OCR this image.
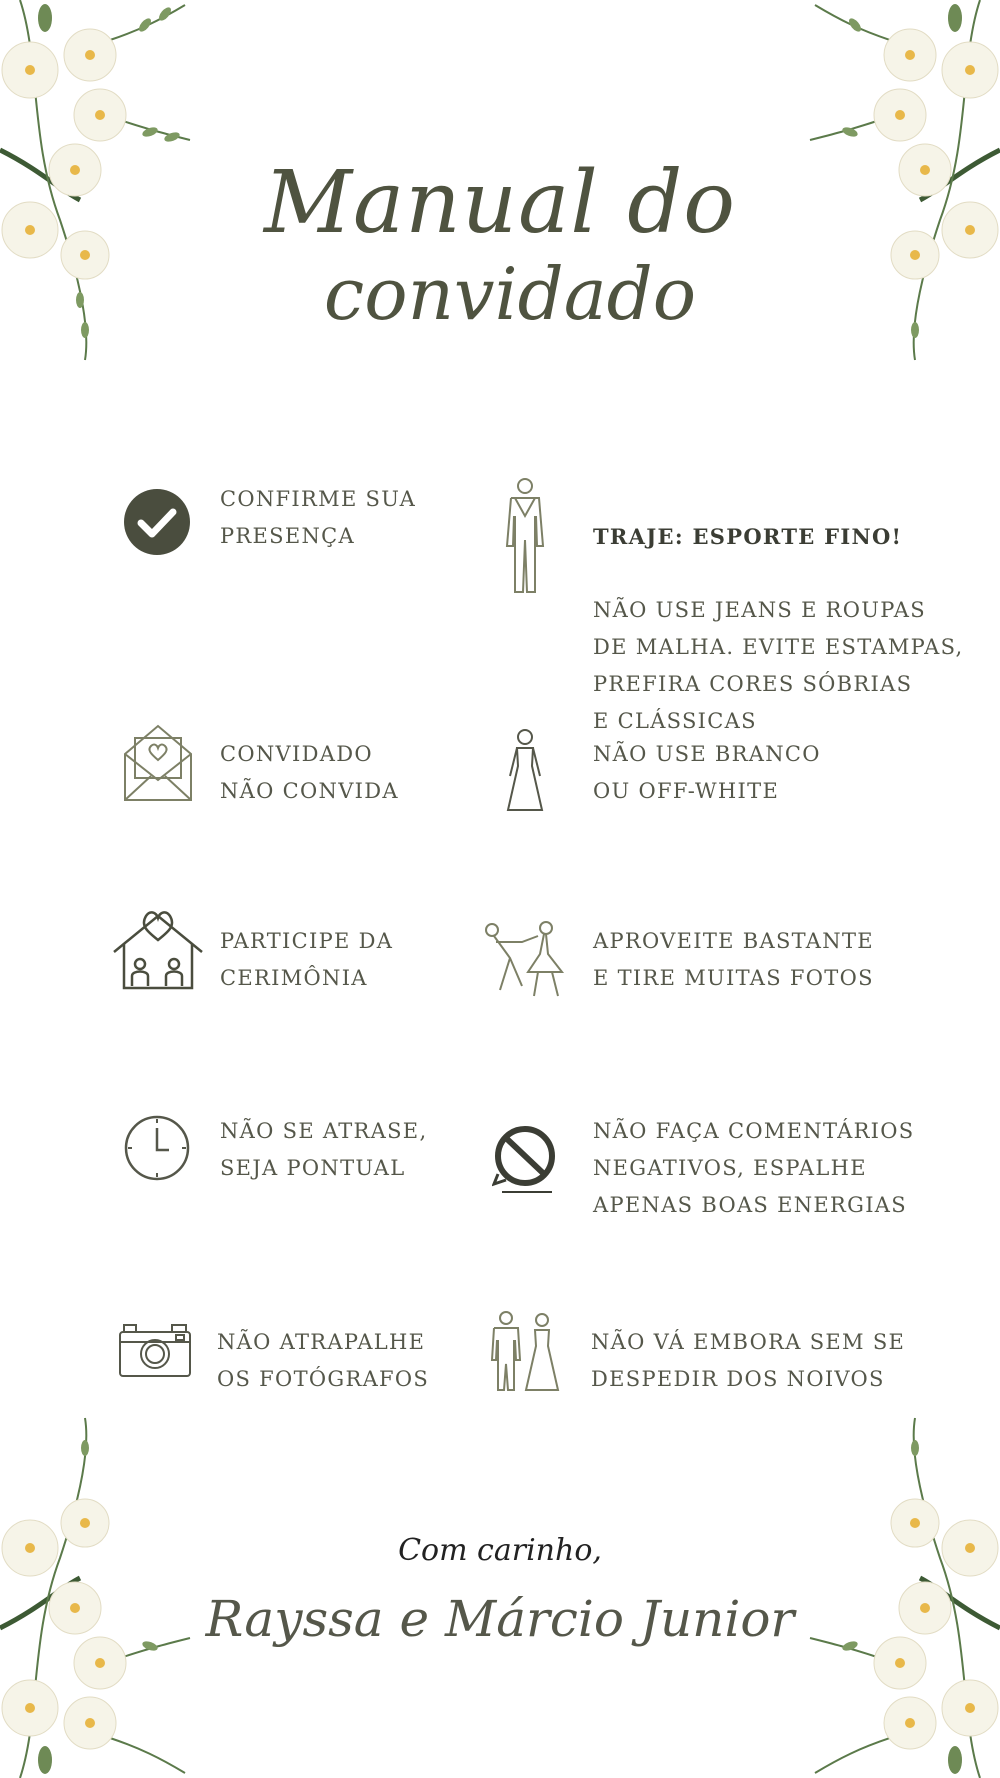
Manual do
convidado
CONFIRME SUA
PRESENÇA	TRAJE: ESPORTE FINO!

NÃO USE JEANS E ROUPAS
DE MALHA. EVITE ESTAMPAS,
PREFIRA CORES SÓBRIAS
E CLÁSSICAS

CONVIDADO
NÃO CONVIDA
NÃO USE BRANCO
OU OFF-WHITE
PARTICIPE DA
CERIMÔNIA
APROVEITE BASTANTE
E TIRE MUITAS FOTOS
NÃO SE ATRASE,
SEJA PONTUAL
NÃO FAÇA COMENTÁRIOS
NEGATIVOS, ESPALHE
APENAS BOAS ENERGIAS
NÃO ATRAPALHE
OS FOTÓGRAFOS
NÃO VÁ EMBORA SEM SE
DESPEDIR DOS NOIVOS
Com carinho,
Rayssa e Márcio Junior
